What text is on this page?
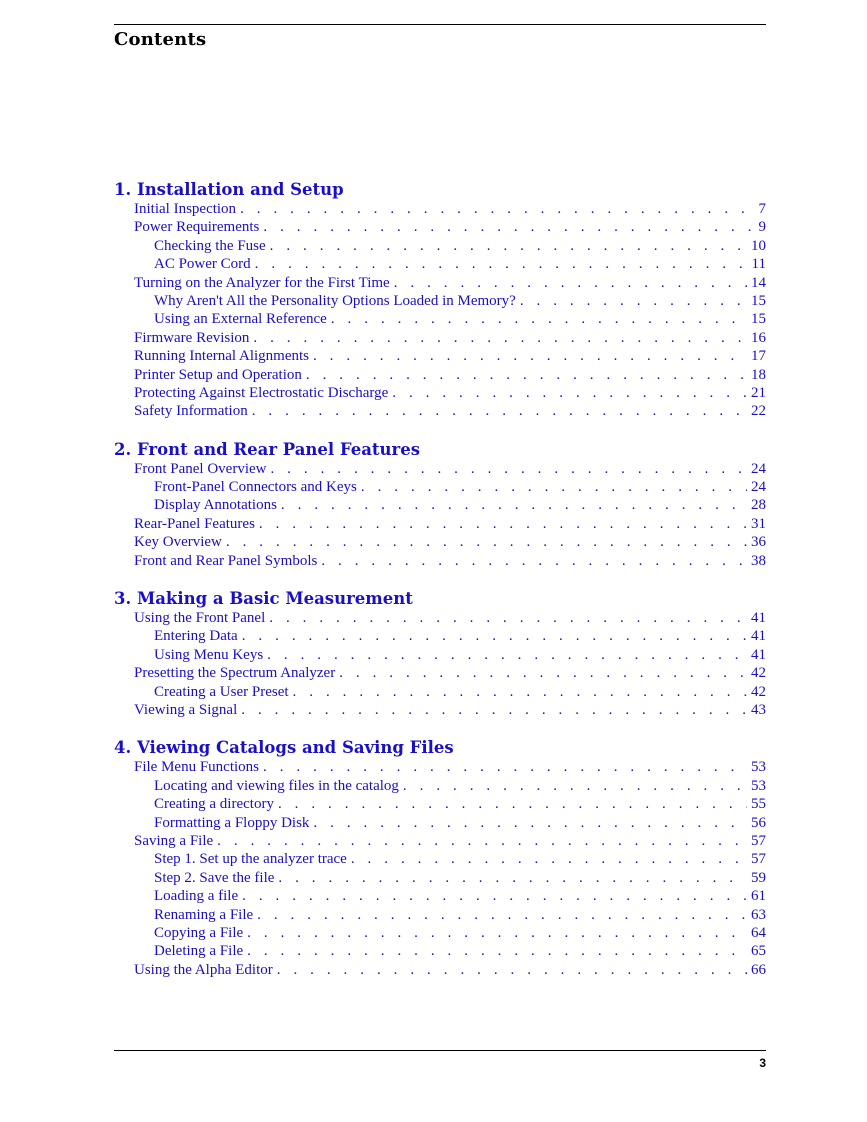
Contents
1. Installation and Setup
Initial Inspection . . .	7
Power Requirements . . .	9
Checking the Fuse . . .	10
AC Power Cord . . .	11
Turning on the Analyzer for the First Time . . .	14
Why Aren't All the Personality Options Loaded in Memory? . . .	15
Using an External Reference . . .	15
Firmware Revision . . .	16
Running Internal Alignments . . .	17
Printer Setup and Operation . . .	18
Protecting Against Electrostatic Discharge . . .	21
Safety Information . . .	22
2. Front and Rear Panel Features
Front Panel Overview . . .	24
Front-Panel Connectors and Keys . . .	24
Display Annotations . . .	28
Rear-Panel Features . . .	31
Key Overview . . .	36
Front and Rear Panel Symbols . . .	38
3. Making a Basic Measurement
Using the Front Panel . . .	41
Entering Data . . .	41
Using Menu Keys . . .	41
Presetting the Spectrum Analyzer . . .	42
Creating a User Preset . . .	42
Viewing a Signal . . .	43
4. Viewing Catalogs and Saving Files
File Menu Functions . . .	53
Locating and viewing files in the catalog . . .	53
Creating a directory . . .	55
Formatting a Floppy Disk . . .	56
Saving a File . . .	57
Step 1. Set up the analyzer trace . . .	57
Step 2. Save the file . . .	59
Loading a file . . .	61
Renaming a File . . .	63
Copying a File . . .	64
Deleting a File . . .	65
Using the Alpha Editor . . .	66
3
